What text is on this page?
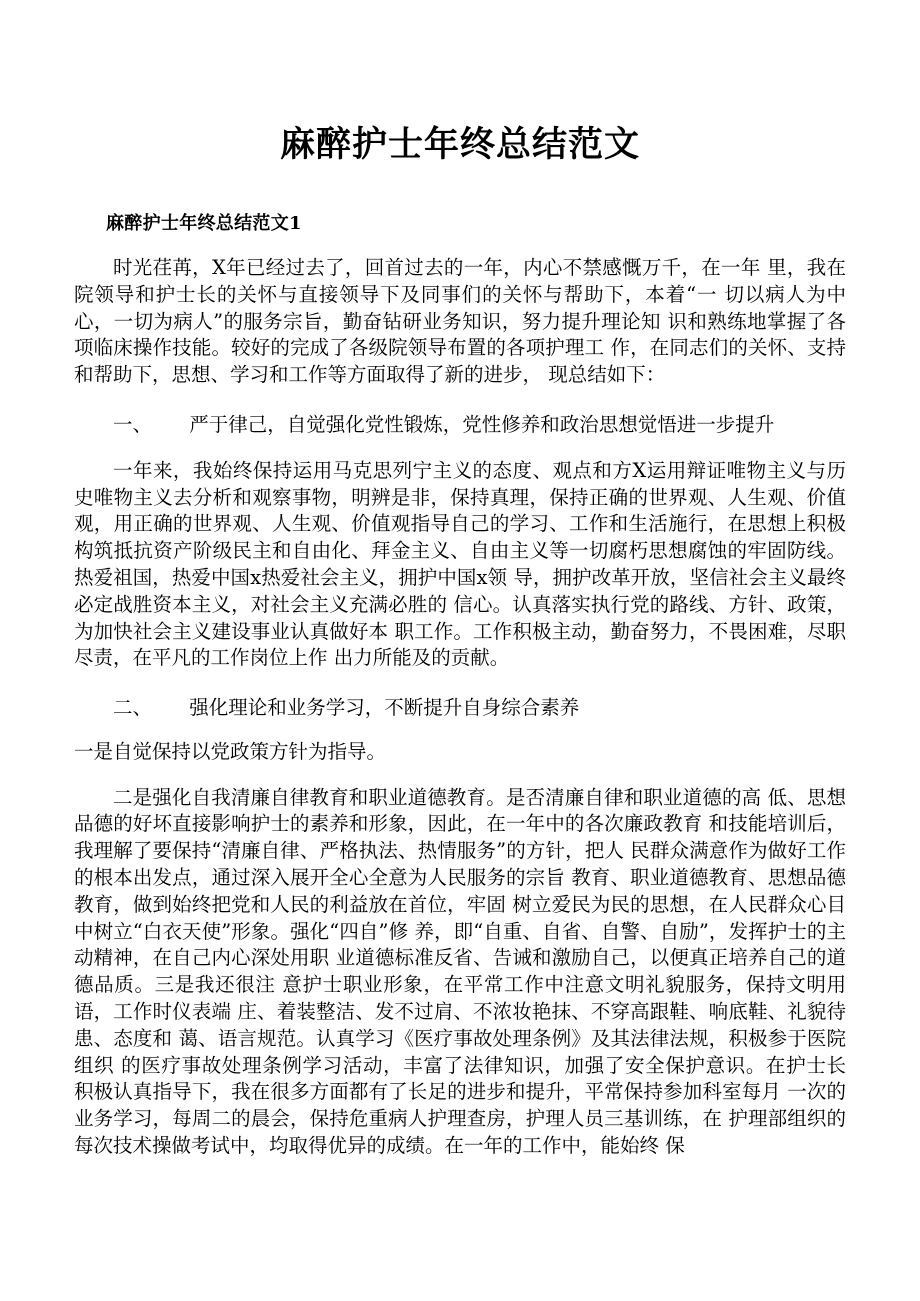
麻醉护士年终总结范文
麻醉护士年终总结范文1

时光荏苒，X年已经过去了，回首过去的一年，内心不禁感慨万千，在一年 里，我在院领导和护士长的关怀与直接领导下及同事们的关怀与帮助下，本着“一 切以病人为中心，一切为病人”的服务宗旨，勤奋钻研业务知识，努力提升理论知 识和熟练地掌握了各项临床操作技能。较好的完成了各级院领导布置的各项护理工 作，在同志们的关怀、支持和帮助下，思想、学习和工作等方面取得了新的进步， 现总结如下：

一、      严于律己，自觉强化党性锻炼，党性修养和政治思想觉悟进一步提升

一年来，我始终保持运用马克思列宁主义的态度、观点和方X运用辩证唯物主义与历史唯物主义去分析和观察事物，明辨是非，保持真理，保持正确的世界观、人生观、价值观，用正确的世界观、人生观、价值观指导自己的学习、工作和生活施行，在思想上积极构筑抵抗资产阶级民主和自由化、拜金主义、自由主义等一切腐朽思想腐蚀的牢固防线。热爱祖国，热爱中国x热爱社会主义，拥护中国x领 导，拥护改革开放，坚信社会主义最终必定战胜资本主义，对社会主义充满必胜的 信心。认真落实执行党的路线、方针、政策，为加快社会主义建设事业认真做好本 职工作。工作积极主动，勤奋努力，不畏困难，尽职尽责，在平凡的工作岗位上作 出力所能及的贡献。

二、      强化理论和业务学习，不断提升自身综合素养

一是自觉保持以党政策方针为指导。

二是强化自我清廉自律教育和职业道德教育。是否清廉自律和职业道德的高 低、思想品德的好坏直接影响护士的素养和形象，因此，在一年中的各次廉政教育 和技能培训后，我理解了要保持“清廉自律、严格执法、热情服务”的方针，把人 民群众满意作为做好工作的根本出发点，通过深入展开全心全意为人民服务的宗旨 教育、职业道德教育、思想品德教育，做到始终把党和人民的利益放在首位，牢固 树立爱民为民的思想，在人民群众心目中树立“白衣天使”形象。强化“四自”修 养，即“自重、自省、自警、自励”，发挥护士的主动精神，在自己内心深处用职 业道德标准反省、告诫和激励自己，以便真正培养自己的道德品质。三是我还很注 意护士职业形象，在平常工作中注意文明礼貌服务，保持文明用语，工作时仪表端 庄、着装整洁、发不过肩、不浓妆艳抹、不穿高跟鞋、响底鞋、礼貌待患、态度和 蔼、语言规范。认真学习《医疗事故处理条例》及其法律法规，积极参于医院组织 的医疗事故处理条例学习活动，丰富了法律知识，加强了安全保护意识。在护士长 积极认真指导下，我在很多方面都有了长足的进步和提升，平常保持参加科室每月 一次的业务学习，每周二的晨会，保持危重病人护理查房，护理人员三基训练，在 护理部组织的每次技术操做考试中，均取得优异的成绩。在一年的工作中，能始终 保
